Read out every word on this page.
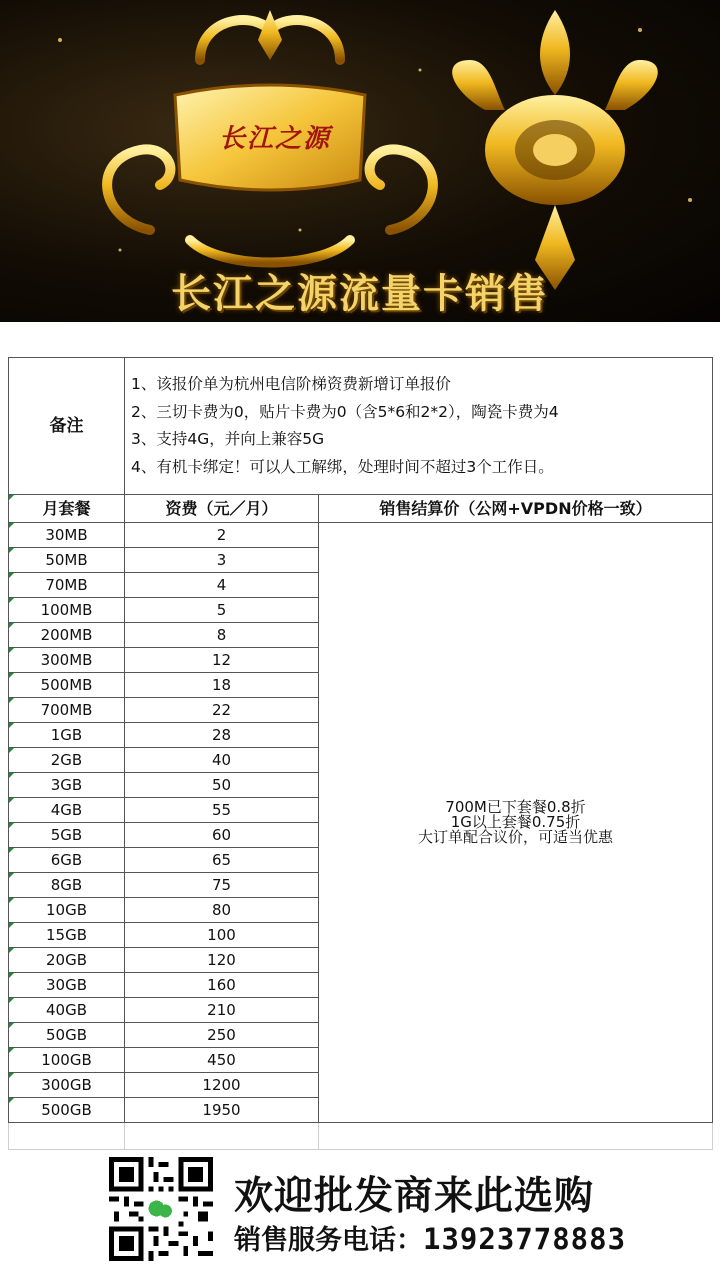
长江之源
长江之源流量卡销售
备注	1、该报价单为杭州电信阶梯资费新增订单报价
2、三切卡费为0，贴片卡费为0（含5*6和2*2），陶瓷卡费为4
3、支持4G，并向上兼容5G
4、有机卡绑定！可以人工解绑，处理时间不超过3个工作日。	

月套餐	资费（元／月）	销售结算价（公网+VPDN价格一致）
30MB	2	700M已下套餐0.8折
1G以上套餐0.75折
大订单配合议价，可适当优惠

50MB	3	
70MB	4	
100MB	5	
200MB	8	
300MB	12	
500MB	18	
700MB	22	
1GB	28	
2GB	40	
3GB	50	
4GB	55	
5GB	60	
6GB	65	
8GB	75	
10GB	80	
15GB	100	
20GB	120	
30GB	160	
40GB	210	
50GB	250	
100GB	450	
300GB	1200	
500GB	1950	

欢迎批发商来此选购
销售服务电话：13923778883
